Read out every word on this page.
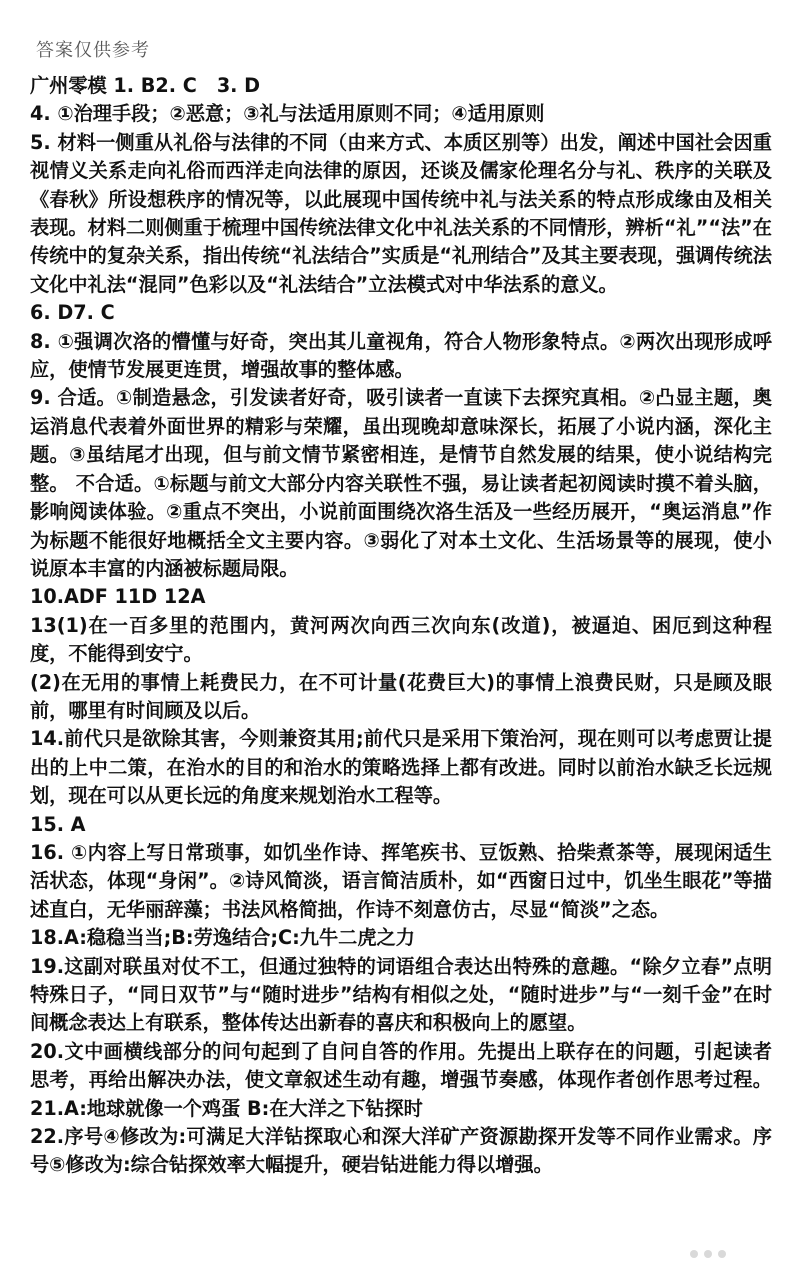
答案仅供参考

广州零模 1. B2. C   3. D

4. ①治理手段；②恶意；③礼与法适用原则不同；④适用原则

5. 材料一侧重从礼俗与法律的不同（由来方式、本质区别等）出发，阐述中国社会因重视情义关系走向礼俗而西洋走向法律的原因，还谈及儒家伦理名分与礼、秩序的关联及《春秋》所设想秩序的情况等，以此展现中国传统中礼与法关系的特点形成缘由及相关表现。材料二则侧重于梳理中国传统法律文化中礼法关系的不同情形，辨析“礼”“法”在传统中的复杂关系，指出传统“礼法结合”实质是“礼刑结合”及其主要表现，强调传统法文化中礼法“混同”色彩以及“礼法结合”立法模式对中华法系的意义。

6. D7. C

8. ①强调次洛的懵懂与好奇，突出其儿童视角，符合人物形象特点。②两次出现形成呼应，使情节发展更连贯，增强故事的整体感。

9. 合适。①制造悬念，引发读者好奇，吸引读者一直读下去探究真相。②凸显主题，奥运消息代表着外面世界的精彩与荣耀，虽出现晚却意味深长，拓展了小说内涵，深化主题。③虽结尾才出现，但与前文情节紧密相连，是情节自然发展的结果，使小说结构完整。 不合适。①标题与前文大部分内容关联性不强，易让读者起初阅读时摸不着头脑，影响阅读体验。②重点不突出，小说前面围绕次洛生活及一些经历展开，“奥运消息”作为标题不能很好地概括全文主要内容。③弱化了对本土文化、生活场景等的展现，使小说原本丰富的内涵被标题局限。

10.ADF 11D 12A

13(1)在一百多里的范围内，黄河两次向西三次向东(改道)，被逼迫、困厄到这种程度，不能得到安宁。

(2)在无用的事情上耗费民力，在不可计量(花费巨大)的事情上浪费民财，只是顾及眼前，哪里有时间顾及以后。

14.前代只是欲除其害，今则兼资其用;前代只是采用下策治河，现在则可以考虑贾让提出的上中二策，在治水的目的和治水的策略选择上都有改进。同时以前治水缺乏长远规划，现在可以从更长远的角度来规划治水工程等。

15. A

16. ①内容上写日常琐事，如饥坐作诗、挥笔疾书、豆饭熟、拾柴煮茶等，展现闲适生活状态，体现“身闲”。②诗风简淡，语言简洁质朴，如“西窗日过中，饥坐生眼花”等描述直白，无华丽辞藻；书法风格简拙，作诗不刻意仿古，尽显“简淡”之态。

18.A:稳稳当当;B:劳逸结合;C:九牛二虎之力

19.这副对联虽对仗不工，但通过独特的词语组合表达出特殊的意趣。“除夕立春”点明特殊日子，“同日双节”与“随时进步”结构有相似之处，“随时进步”与“一刻千金”在时间概念表达上有联系，整体传达出新春的喜庆和积极向上的愿望。

20.文中画横线部分的问句起到了自问自答的作用。先提出上联存在的问题，引起读者思考，再给出解决办法，使文章叙述生动有趣，增强节奏感，体现作者创作思考过程。21.A:地球就像一个鸡蛋 B:在大洋之下钻探时

22.序号④修改为:可满足大洋钻探取心和深大洋矿产资源勘探开发等不同作业需求。序号⑤修改为:综合钻探效率大幅提升，硬岩钻进能力得以增强。
